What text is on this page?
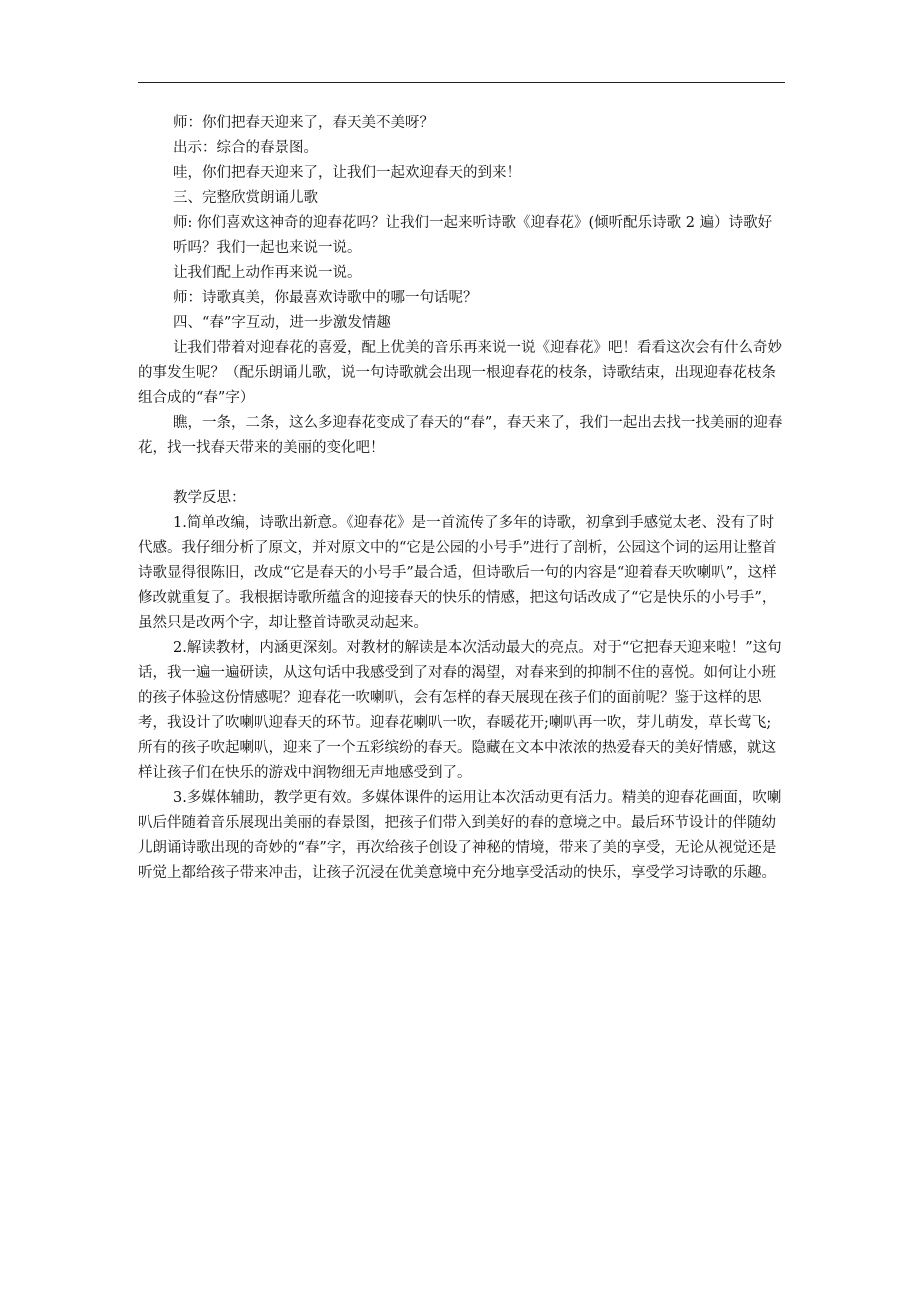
师：你们把春天迎来了，春天美不美呀？

出示：综合的春景图。

哇，你们把春天迎来了，让我们一起欢迎春天的到来！

三、完整欣赏朗诵儿歌

师: 你们喜欢这神奇的迎春花吗？让我们一起来听诗歌《迎春花》(倾听配乐诗歌 2 遍）诗歌好听吗？我们一起也来说一说。

让我们配上动作再来说一说。

师：诗歌真美，你最喜欢诗歌中的哪一句话呢？

四、“春”字互动，进一步激发情趣

让我们带着对迎春花的喜爱，配上优美的音乐再来说一说《迎春花》吧！看看这次会有什么奇妙的事发生呢？（配乐朗诵儿歌，说一句诗歌就会出现一根迎春花的枝条，诗歌结束，出现迎春花枝条组合成的“春”字）

瞧，一条，二条，这么多迎春花变成了春天的“春”，春天来了，我们一起出去找一找美丽的迎春花，找一找春天带来的美丽的变化吧！

教学反思：

1.简单改编，诗歌出新意。《迎春花》是一首流传了多年的诗歌，初拿到手感觉太老、没有了时代感。我仔细分析了原文，并对原文中的“它是公园的小号手”进行了剖析，公园这个词的运用让整首诗歌显得很陈旧，改成“它是春天的小号手”最合适，但诗歌后一句的内容是“迎着春天吹喇叭”，这样修改就重复了。我根据诗歌所蕴含的迎接春天的快乐的情感，把这句话改成了“它是快乐的小号手”，虽然只是改两个字，却让整首诗歌灵动起来。

2.解读教材，内涵更深刻。对教材的解读是本次活动最大的亮点。对于“它把春天迎来啦！”这句话，我一遍一遍研读，从这句话中我感受到了对春的渴望，对春来到的抑制不住的喜悦。如何让小班的孩子体验这份情感呢？迎春花一吹喇叭，会有怎样的春天展现在孩子们的面前呢？鉴于这样的思考，我设计了吹喇叭迎春天的环节。迎春花喇叭一吹，春暖花开;喇叭再一吹，芽儿萌发，草长莺飞;所有的孩子吹起喇叭，迎来了一个五彩缤纷的春天。隐藏在文本中浓浓的热爱春天的美好情感，就这样让孩子们在快乐的游戏中润物细无声地感受到了。

3.多媒体辅助，教学更有效。多媒体课件的运用让本次活动更有活力。精美的迎春花画面，吹喇叭后伴随着音乐展现出美丽的春景图，把孩子们带入到美好的春的意境之中。最后环节设计的伴随幼儿朗诵诗歌出现的奇妙的“春”字，再次给孩子创设了神秘的情境，带来了美的享受，无论从视觉还是听觉上都给孩子带来冲击，让孩子沉浸在优美意境中充分地享受活动的快乐，享受学习诗歌的乐趣。
